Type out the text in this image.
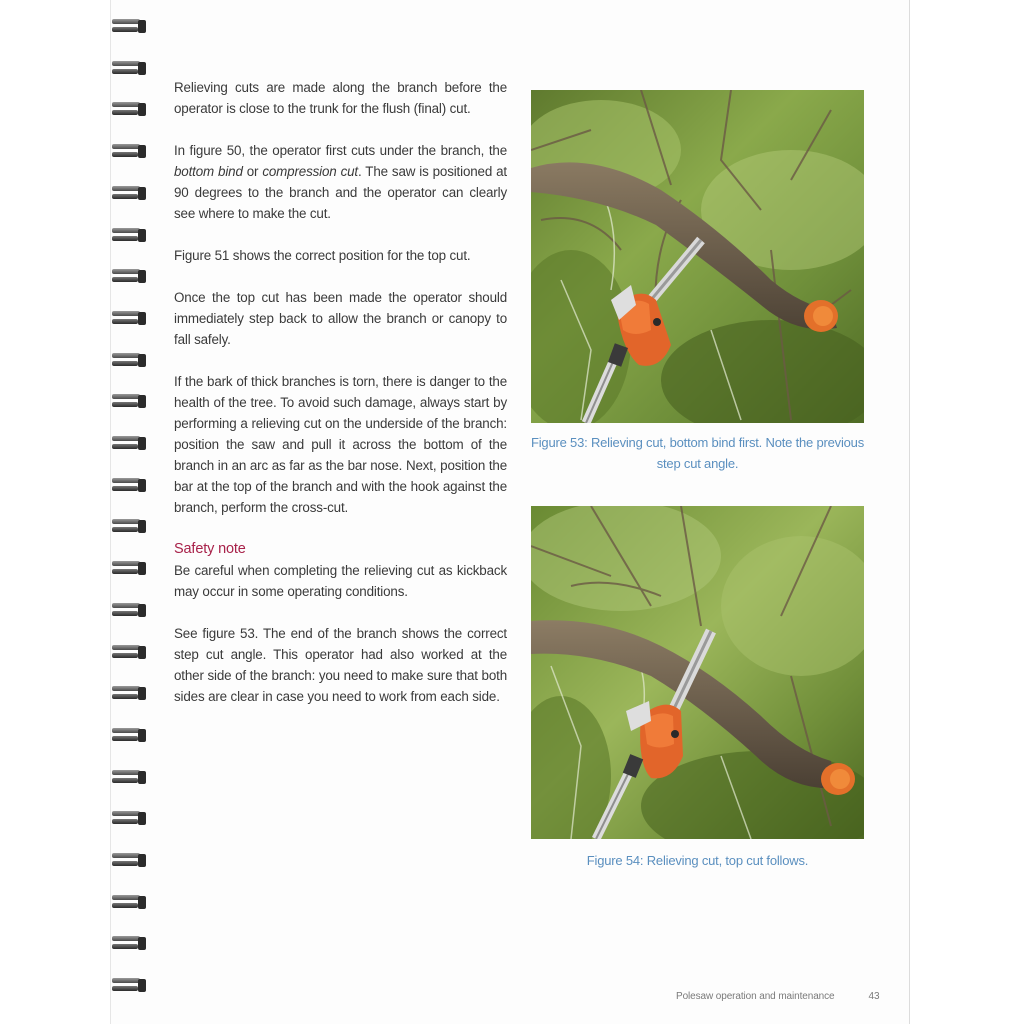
Relieving cuts are made along the branch before the operator is close to the trunk for the flush (final) cut.

In figure 50, the operator first cuts under the branch, the bottom bind or compression cut. The saw is positioned at 90 degrees to the branch and the operator can clearly see where to make the cut.

Figure 51 shows the correct position for the top cut.

Once the top cut has been made the operator should immediately step back to allow the branch or canopy to fall safely.

If the bark of thick branches is torn, there is danger to the health of the tree. To avoid such damage, always start by performing a relieving cut on the underside of the branch: position the saw and pull it across the bottom of the branch in an arc as far as the bar nose. Next, position the bar at the top of the branch and with the hook against the branch, perform the cross-cut.

Safety note

Be careful when completing the relieving cut as kickback may occur in some operating conditions.

See figure 53. The end of the branch shows the correct step cut angle. This operator had also worked at the other side of the branch: you need to make sure that both sides are clear in case you need to work from each side.

Figure 53: Relieving cut, bottom bind first. Note the previous step cut angle.
Figure 54: Relieving cut, top cut follows.
Polesaw operation and maintenance	43
